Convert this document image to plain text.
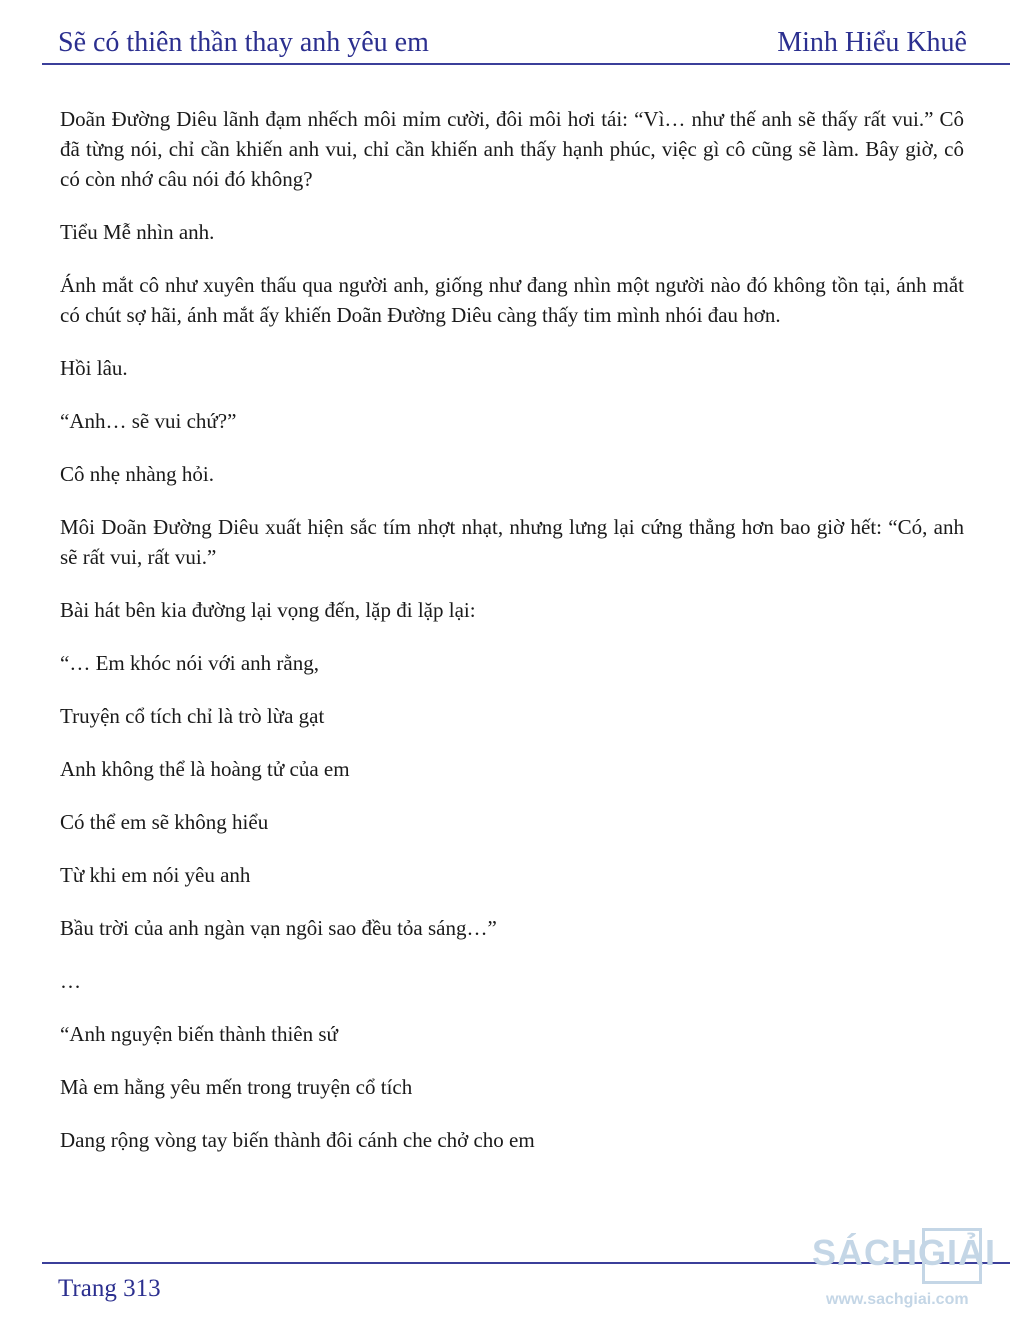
Sẽ có thiên thần thay anh yêu em	Minh Hiểu Khuê

Doãn Đường Diêu lãnh đạm nhếch môi mỉm cười, đôi môi hơi tái: “Vì… như thế anh sẽ thấy rất vui.” Cô đã từng nói, chỉ cần khiến anh vui, chỉ cần khiến anh thấy hạnh phúc, việc gì cô cũng sẽ làm. Bây giờ, cô có còn nhớ câu nói đó không?

Tiểu Mễ nhìn anh.

Ánh mắt cô như xuyên thấu qua người anh, giống như đang nhìn một người nào đó không tồn tại, ánh mắt có chút sợ hãi, ánh mắt ấy khiến Doãn Đường Diêu càng thấy tim mình nhói đau hơn.

Hồi lâu.

“Anh… sẽ vui chứ?”

Cô nhẹ nhàng hỏi.

Môi Doãn Đường Diêu xuất hiện sắc tím nhợt nhạt, nhưng lưng lại cứng thẳng hơn bao giờ hết: “Có, anh sẽ rất vui, rất vui.”

Bài hát bên kia đường lại vọng đến, lặp đi lặp lại:

“… Em khóc nói với anh rằng,

Truyện cổ tích chỉ là trò lừa gạt

Anh không thể là hoàng tử của em

Có thể em sẽ không hiểu

Từ khi em nói yêu anh

Bầu trời của anh ngàn vạn ngôi sao đều tỏa sáng…”

…

“Anh nguyện biến thành thiên sứ

Mà em hằng yêu mến trong truyện cổ tích

Dang rộng vòng tay biến thành đôi cánh che chở cho em

Trang 313
SÁCHGIẢI
www.sachgiai.com
